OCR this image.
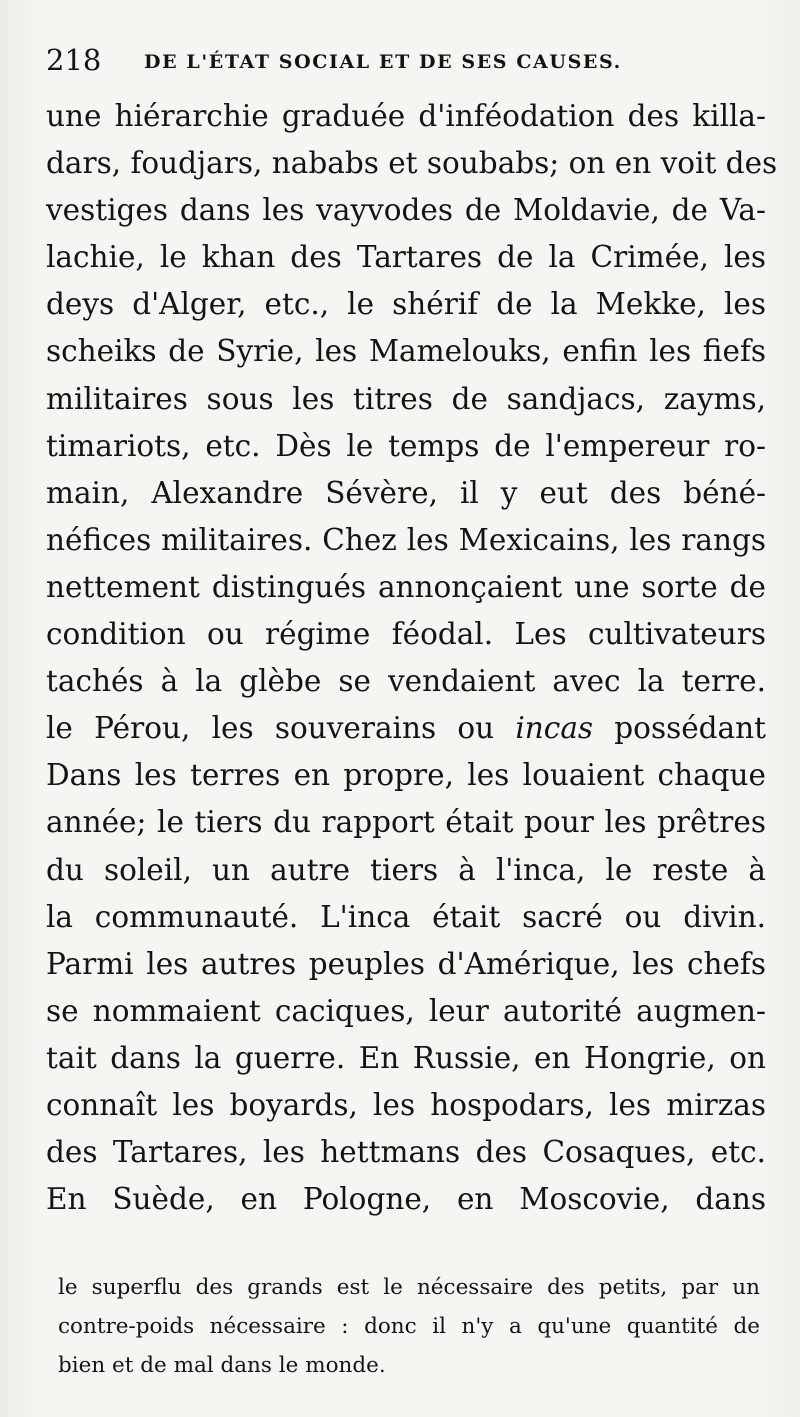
218 DE L'ÉTAT SOCIAL ET DE SES CAUSES.
une hiérarchie graduée d'inféodation des killa-
dars, foudjars, nababs et soubabs; on en voit des
vestiges dans les vayvodes de Moldavie, de Va-
lachie, le khan des Tartares de la Crimée, les
deys d'Alger, etc., le shérif de la Mekke, les
scheiks de Syrie, les Mamelouks, enfin les fiefs
militaires sous les titres de sandjacs, zayms,
timariots, etc. Dès le temps de l'empereur ro-
main, Alexandre Sévère, il y eut des béné-
néfices militaires. Chez les Mexicains, les rangs
nettement distingués annonçaient une sorte de
condition ou régime féodal. Les cultivateurs
tachés à la glèbe se vendaient avec la terre.
le Pérou, les souverains ou incas possédant
Dans les terres en propre, les louaient chaque
année; le tiers du rapport était pour les prêtres
du soleil, un autre tiers à l'inca, le reste à
la communauté. L'inca était sacré ou divin.
Parmi les autres peuples d'Amérique, les chefs
se nommaient caciques, leur autorité augmen-
tait dans la guerre. En Russie, en Hongrie, on
connaît les boyards, les hospodars, les mirzas
des Tartares, les hettmans des Cosaques, etc.
En Suède, en Pologne, en Moscovie, dans
le superflu des grands est le nécessaire des petits, par un
contre-poids nécessaire : donc il n'y a qu'une quantité de
bien et de mal dans le monde.
